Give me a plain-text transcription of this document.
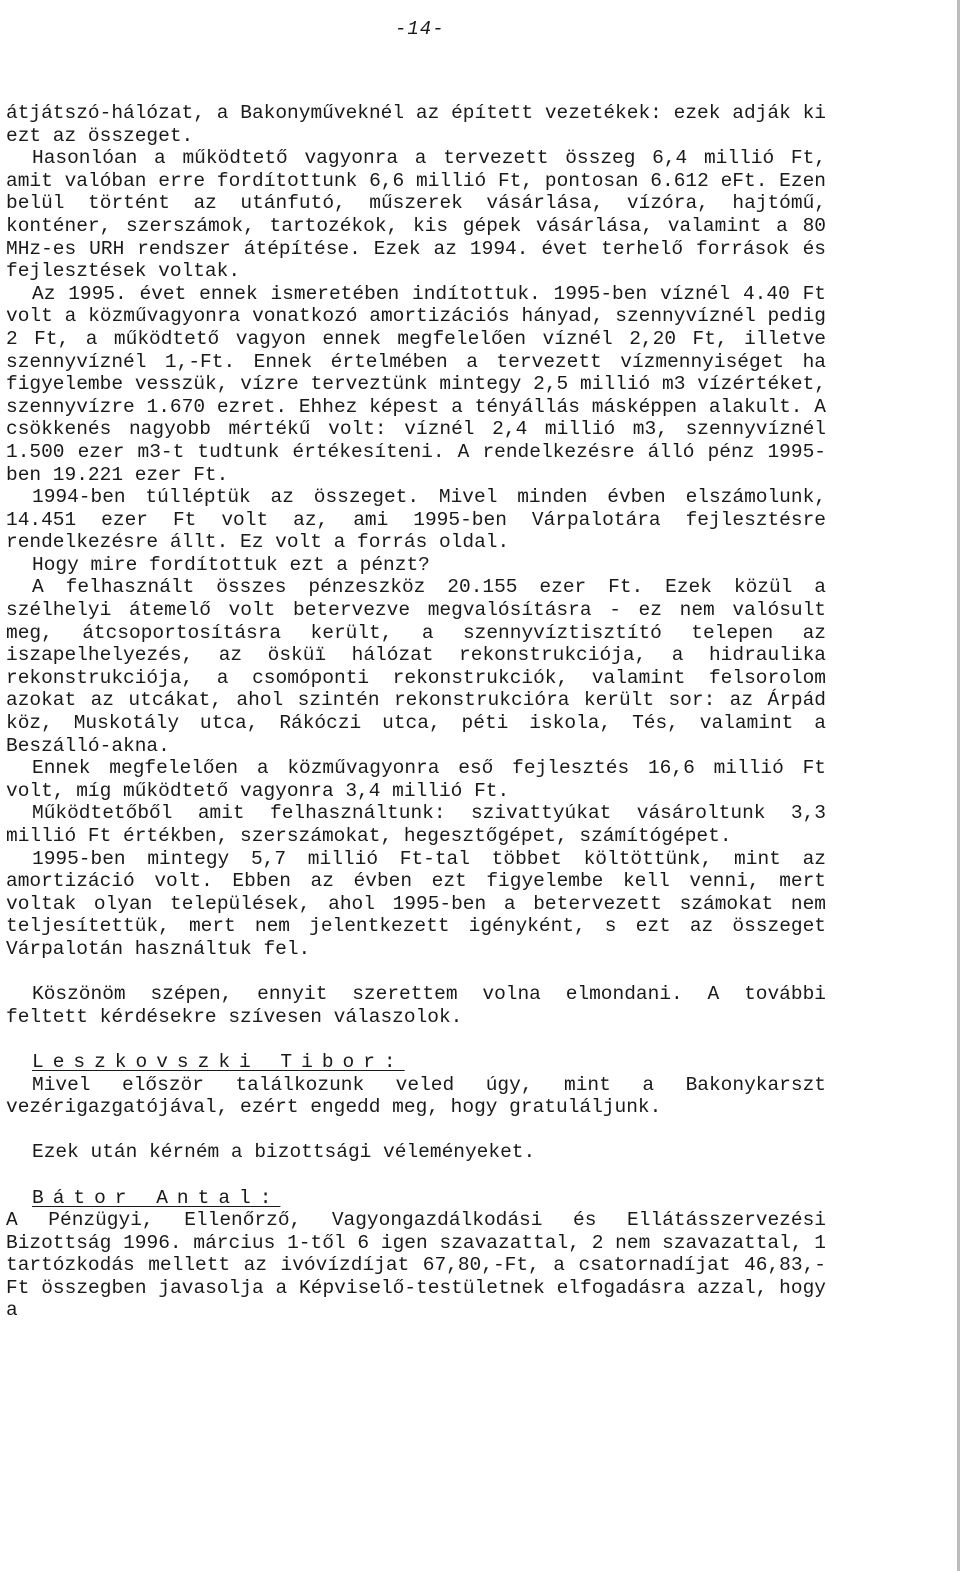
-14-

átjátszó-hálózat, a Bakonyműveknél az épített vezetékek: ezek adják ki ezt az összeget.

Hasonlóan a működtető vagyonra a tervezett összeg 6,4 millió Ft, amit valóban erre fordítottunk 6,6 millió Ft, pontosan 6.612 eFt. Ezen belül történt az utánfutó, műszerek vásárlása, vízóra, hajtómű, konténer, szerszámok, tartozékok, kis gépek vásárlása, valamint a 80 MHz-es URH rendszer átépítése. Ezek az 1994. évet terhelő források és fejlesztések voltak.

Az 1995. évet ennek ismeretében indítottuk. 1995-ben víznél 4.40 Ft volt a közművagyonra vonatkozó amortizációs hányad, szennyvíznél pedig 2 Ft, a működtető vagyon ennek megfelelően víznél 2,20 Ft, illetve szennyvíznél 1,-Ft. Ennek értelmében a tervezett vízmennyiséget ha figyelembe vesszük, vízre terveztünk mintegy 2,5 millió m3 vízértéket, szennyvízre 1.670 ezret. Ehhez képest a tényállás másképpen alakult. A csökkenés nagyobb mértékű volt: víznél 2,4 millió m3, szennyvíznél 1.500 ezer m3-t tudtunk értékesíteni. A rendelkezésre álló pénz 1995-ben 19.221 ezer Ft.

1994-ben túlléptük az összeget. Mivel minden évben elszámolunk, 14.451 ezer Ft volt az, ami 1995-ben Várpalotára fejlesztésre rendelkezésre állt. Ez volt a forrás oldal.

Hogy mire fordítottuk ezt a pénzt?

A felhasznált összes pénzeszköz 20.155 ezer Ft. Ezek közül a szélhelyi átemelő volt betervezve megvalósításra - ez nem valósult meg, átcsoportosításra került, a szennyvíztisztító telepen az iszapelhelyezés, az ösküï hálózat rekonstrukciója, a hidraulika rekonstrukciója, a csomóponti rekonstrukciók, valamint felsorolom azokat az utcákat, ahol szintén rekonstrukcióra került sor: az Árpád köz, Muskotály utca, Rákóczi utca, péti iskola, Tés, valamint a Beszálló-akna.

Ennek megfelelően a közművagyonra eső fejlesztés 16,6 millió Ft volt, míg működtető vagyonra 3,4 millió Ft.

Működtetőből amit felhasználtunk: szivattyúkat vásároltunk 3,3 millió Ft értékben, szerszámokat, hegesztőgépet, számítógépet.

1995-ben mintegy 5,7 millió Ft-tal többet költöttünk, mint az amortizáció volt. Ebben az évben ezt figyelembe kell venni, mert voltak olyan települések, ahol 1995-ben a betervezett számokat nem teljesítettük, mert nem jelentkezett igényként, s ezt az összeget Várpalotán használtuk fel.

Köszönöm szépen, ennyit szerettem volna elmondani. A további feltett kérdésekre szívesen válaszolok.

Leszkovszki Tibor:

Mivel először találkozunk veled úgy, mint a Bakonykarszt vezérigazgatójával, ezért engedd meg, hogy gratuláljunk.

Ezek után kérném a bizottsági véleményeket.

Bátor Antal:

A Pénzügyi, Ellenőrző, Vagyongazdálkodási és Ellátásszervezési Bizottság 1996. március 1-től 6 igen szavazattal, 2 nem szavazattal, 1 tartózkodás mellett az ivóvízdíjat 67,80,-Ft, a csatornadíjat 46,83,-Ft összegben javasolja a Képviselő-testületnek elfogadásra azzal, hogy a
